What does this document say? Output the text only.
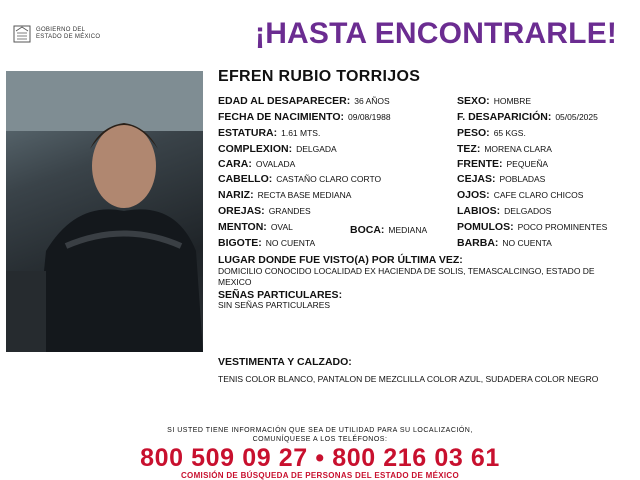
GOBIERNO DEL
ESTADO DE MÉXICO	¡HASTA ENCONTRARLE!
EFREN RUBIO TORRIJOS
EDAD AL DESAPARECER: 36 AÑOS
FECHA DE NACIMIENTO: 09/08/1988
ESTATURA: 1.61 MTS.
COMPLEXION: DELGADA
CARA: OVALADA
CABELLO: CASTAÑO CLARO CORTO
NARIZ: RECTA BASE MEDIANA
OREJAS: GRANDES
MENTON: OVAL	BOCA: MEDIANA
BIGOTE: NO CUENTA
SEXO: HOMBRE
F. DESAPARICIÓN: 05/05/2025
PESO: 65 KGS.
TEZ: MORENA CLARA
FRENTE: PEQUEÑA
CEJAS: POBLADAS
OJOS: CAFE CLARO CHICOS
LABIOS: DELGADOS
POMULOS: POCO PROMINENTES
BARBA: NO CUENTA
LUGAR DONDE FUE VISTO(A) POR ÚLTIMA VEZ:
DOMICILIO CONOCIDO LOCALIDAD EX HACIENDA DE SOLIS, TEMASCALCINGO, ESTADO DE MEXICO
SEÑAS PARTICULARES:
SIN SEÑAS PARTICULARES
VESTIMENTA Y CALZADO:
TENIS COLOR BLANCO, PANTALON DE MEZCLILLA COLOR AZUL, SUDADERA COLOR NEGRO
SI USTED TIENE INFORMACIÓN QUE SEA DE UTILIDAD PARA SU LOCALIZACIÓN,
COMUNÍQUESE A LOS TELÉFONOS:
800 509 09 27 • 800 216 03 61
COMISIÓN DE BÚSQUEDA DE PERSONAS DEL ESTADO DE MÉXICO
